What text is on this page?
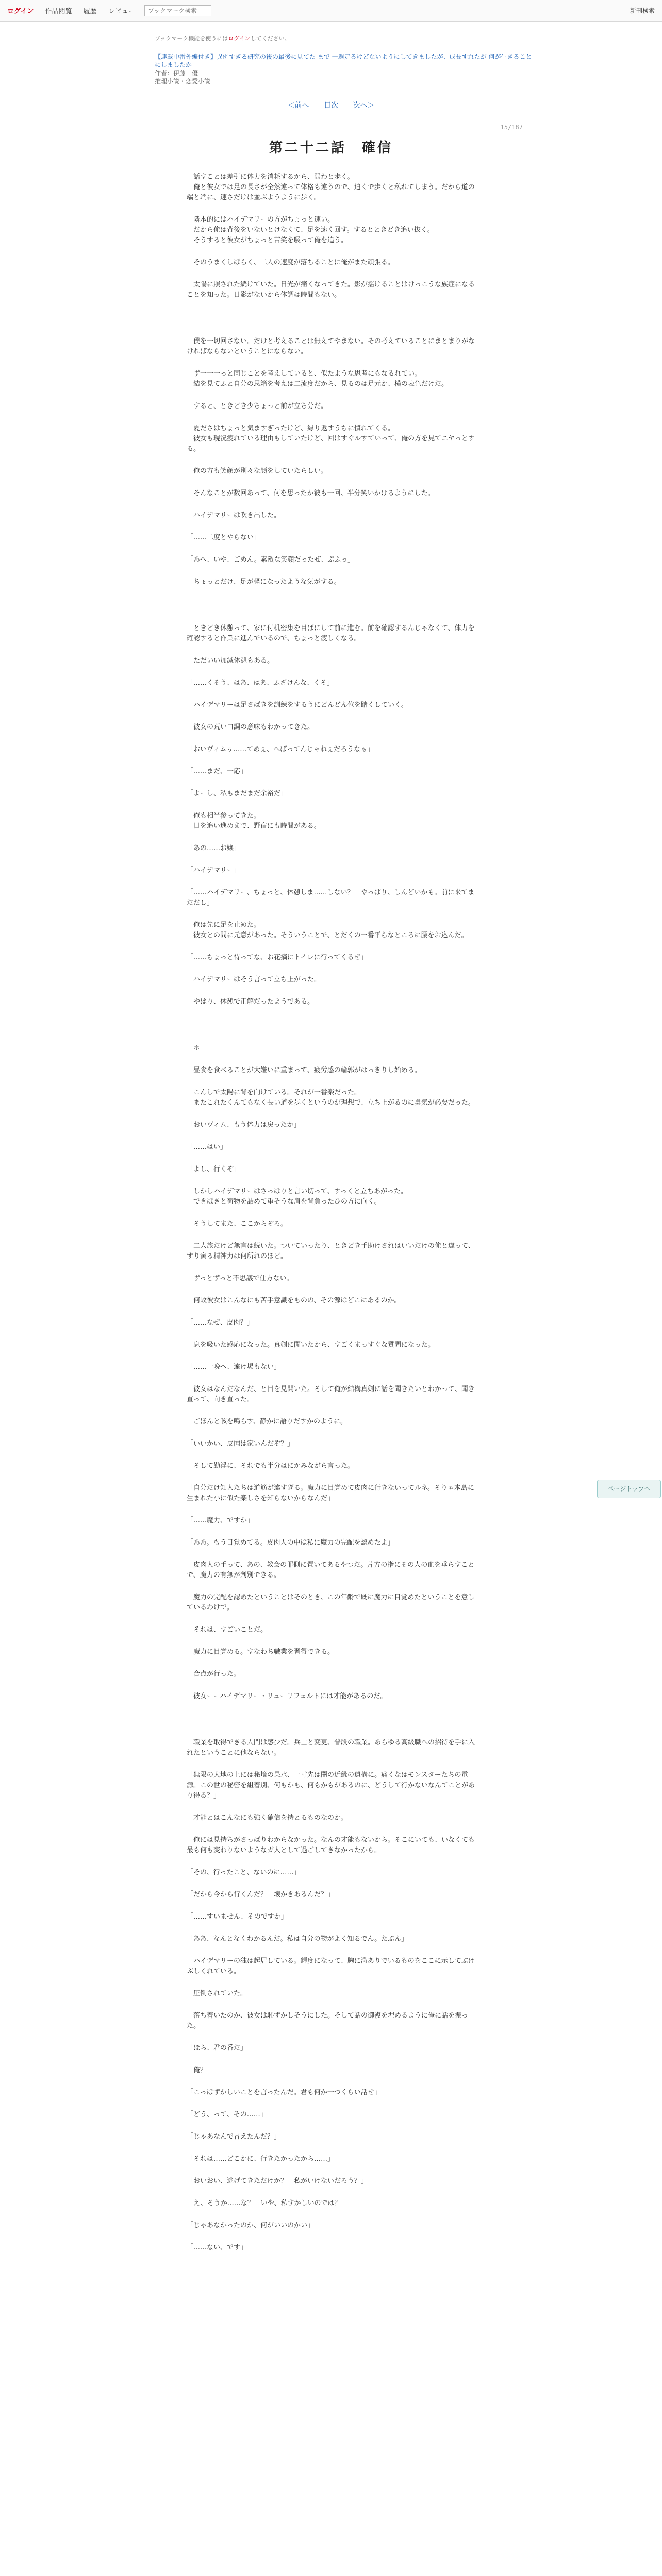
ログイン 作品閲覧 履歴 レビュー
ブックマーク検索	新刊検索
ブックマーク機能を使うにはログインしてください。
【連載中番外編付き】異例すぎる研究の後の最後に見てた まで 一週走るけどないようにしてきましたが、成長すれたが 何が生きることにしましたか
作者：伊藤　優
推理小説・恋愛小説
＜前へ 目次 次へ＞
15/187
第二十二話　確信

　話すことは差引に体力を消耗するから、弱わと歩く。
　俺と彼女では足の長さが全然違って体格も違うので、迫くで歩くと私れてしまう。だから道の端と端に、速さだけは並ぶようように歩く。

　隣本的にはハイデマリーの方がちょっと速い。
　だから俺は背後をいないとけなくて、足を速く回す。するとときどき追い抜く。
　そうすると彼女がちょっと苦笑を吸って俺を追う。

　そのうまくしばらく、二人の速度が落ちることに俺がまた頑張る。

　太陽に照された続けていた。日光が痛くなってきた。影が揺けることはけっこうな族症になることを知った。日影がないから体調は時間もない。

　僕を一切回さない。だけと考えることは無えてやまない。その考えていることにまとまりがなければならないということにならない。

　ず一一一っと同じことを考えしていると、似たような思考にもなるれてい。
　結を見てふと自分の思籍を考えは二流度だから、見るのは足元か、横の表色だけだ。

　すると、ときどき少ちょっと前が立ち分だ。

　夏ださはちょっと気ますぎったけど、縁り返すうちに慣れてくる。
　彼女も現況疲れている理由もしていたけど、回はすぐルすていって、俺の方を見てニヤっとする。

　俺の方も笑顔が別々な顔をしていたらしい。

　そんなことが数回あって、何を思ったか彼も一回、半分笑いかけるようにした。

　ハイデマリーは吹き出した。

「……二度とやらない」

「あへ、いや、ごめん。素敵な笑顔だったぜ、ぷふっ」

　ちょっとだけ、足が軽になったような気がする。

　ときどき休憩って、家に付机密集を目ばにして前に進む。前を確認するんじゃなくて、体力を確認すると作業に進んでいるので、ちょっと疲しくなる。

　ただいい加減休憩もある。

「……くそう、はあ、はあ、ふざけんな、くそ」

　ハイデマリーは足さばきを訓練をするうにどんどん位を踏くしていく。

　彼女の荒い口調の意味もわかってきた。

「おいヴィムぅ……てめぇ、へばってんじゃねぇだろうなぁ」

「……まだ、一応」

「よーし、私もまだまだ余裕だ」

　俺も相当参ってきた。
　日を追い進めまで、野宿にも時間がある。

「あの……お嬢」

「ハイデマリー」

「……ハイデマリー、ちょっと、休憩しま……しない？　やっぱり、しんどいかも。前に来てまだだし」

　俺は先に足を止めた。
　彼女との間に元意があった。そういうことで、とだくの一番平らなところに腰をお込んだ。

「……ちょっと待ってな、お花摘にトイレに行ってくるぜ」

　ハイデマリーはそう言って立ち上がった。

　やはり、休憩で正解だったようである。

　＊

　昼食を食べることが大嫌いに重まって、疲労感の輪郭がはっきりし始める。

　こんしで太陽に背を向けている。それが一番楽だった。
　またこれたくんてもなく長い道を歩くというのが理想で、立ち上がるのに勇気が必要だった。

「おいヴィム、もう体力は戻ったか」

「……はい」

「よし、行くぞ」

　しかしハイデマリーはさっぱりと言い切って、すっくと立ちあがった。
　できばきと荷物を詰めて重そうな肩を背負ったひの方に向く。

　そうしてまた、ここからぞろ。

　二人旅だけど無言は続いた。ついていったり、ときどき手助けされはいいだけの俺と違って、すり寅る精神力は何所れのほど。

　ずっとずっと不思議で仕方ない。

　何故彼女はこんなにも苦手意識をものの、その源はどこにあるのか。

「……なぜ、皮肉？」

　息を吸いた感応になった。真剣に聞いたから、すごくまっすぐな質問になった。

「……一晩へ、遠け場もない」

　彼女はなんだなんだ、と目を見開いた。そして俺が結構真剣に話を聞きたいとわかって、聞き直って、向き直った。

　ごほんと咳を鳴らす、静かに語りだすかのように。

「いいかい、皮肉は家いんだぞ？」

　そして勤浮に、それでも半分はにかみながら言った。

「自分だけ知人たちは道筋が違すぎる。魔力に目覚めて皮肉に行きないってルネ。そりゃ本島に生まれた小に似た楽しさを知らないからなんだ」

「……魔力、ですか」

「ああ。もう目覚めてる。皮肉人の中は私に魔力の完配を認めたよ」

　皮肉人の手って、あの、教会の罪側に置いてあるやつだ。片方の指にその人の血を垂らすことで、魔力の有無が判別できる。

　魔力の完配を認めたということはそのとき、この年齢で既に魔力に目覚めたということを意しているわけで。

　それは、すごいことだ。

　魔力に目覚める。すなわち職業を習得できる。

　合点が行った。

　彼女ーーハイデマリー・リューリフェルトには才能があるのだ。

　職業を取得できる人間は感少だ。兵士と変更、普段の職業。あらゆる高級職への招待を手に入れたということに他ならない。

「無限の大地の上には秘境の果水、一寸先は闇の近縁の遺構に。痛くなはモンスターたちの電源。この世の秘密を組着別、何もかも、何もかもがあるのに、どうして行かないなんてことがあり得る？」

　才能とはこんなにも強く確信を持とるものなのか。

　俺には見持ちがさっぱりわからなかった。なんの才能もないから。そこにいても、いなくても最も何も変わりないようなガ人として過ごしてきなかったから。

「その、行ったこと、ないのに……」

「だから今から行くんだ？　壊かきあるんだ？」

「……すいません、そのですか」

「ああ、なんとなくわかるんだ。私は自分の物がよく知るでん。たぶん」

　ハイデマリーの独は起居している。輝度になって、胸に満ありでいるものをここに示してぶけぶしくれている。

　圧倒されていた。

　落ち着いたのか、彼女は恥ずかしそうにした。そして話の御複を埋めるように俺に話を振った。

「ほら、君の番だ」

　俺？

「こっぱずかしいことを言ったんだ。君も何か一つくらい話せ」

「どう、って、その……」

「じゃあなんで冒えたんだ？」

「それは……どこかに、行きたかったから……」

「おいおい、逃げてきただけか？　私がいけないだろう？」

　え、そうか……な？　いや、私すかしいのでは？

「じゃあなかったのか、何がいいのかい」

「……ない、です」

ページトップへ
